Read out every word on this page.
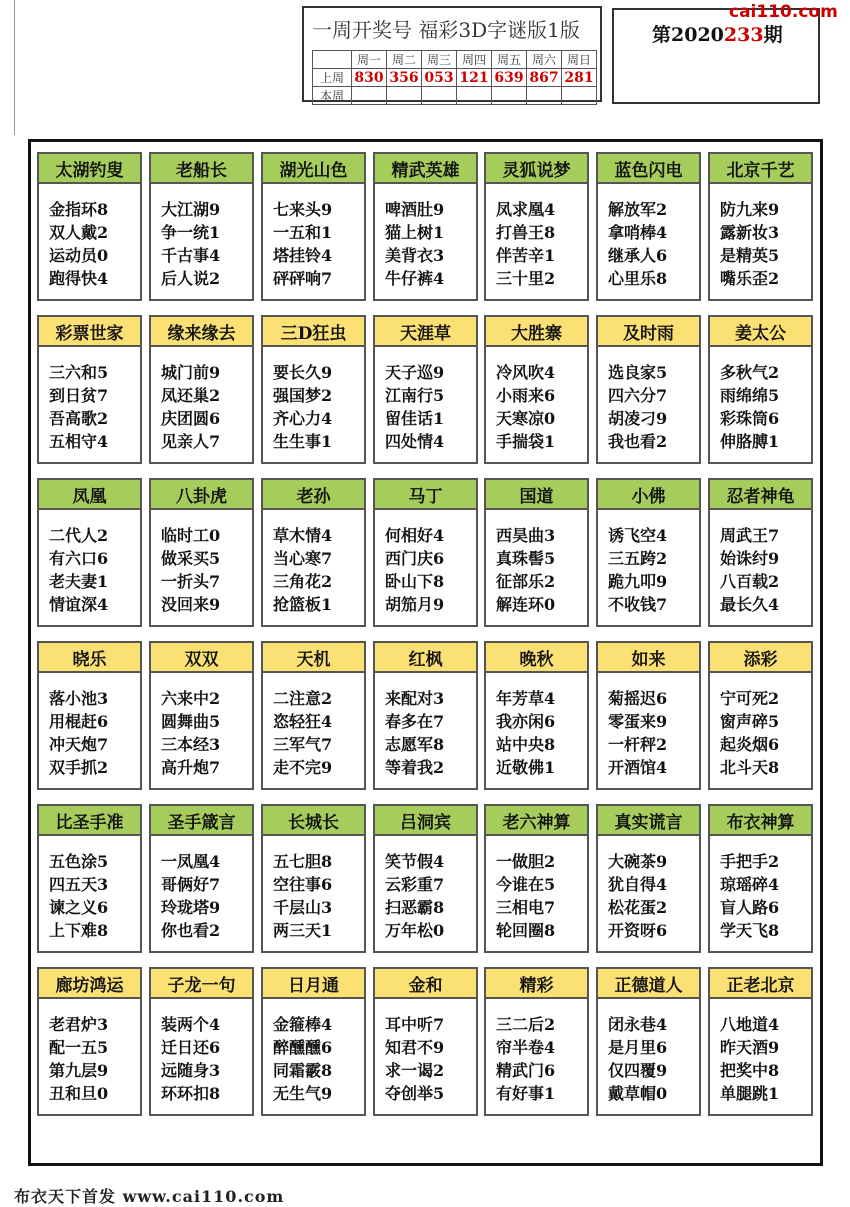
一周开奖号 福彩3D字谜版1版
	周一	周二	周三	周四	周五	周六	周日
上周	830	356	053	121	639	867	281
本周							
第2020233期
cai110.com
太湖钓叟
金指环8
双人戴2
运动员0
跑得快4
老船长
大江湖9
争一统1
千古事4
后人说2
湖光山色
七来头9
一五和1
塔挂铃4
砰砰响7
精武英雄
啤酒肚9
猫上树1
美背衣3
牛仔裤4
灵狐说梦
凤求凰4
打兽王8
伴苦辛1
三十里2
蓝色闪电
解放军2
拿哨棒4
继承人6
心里乐8
北京千艺
防九来9
露新妆3
是精英5
嘴乐歪2
彩票世家
三六和5
到日贫7
吾高歌2
五相守4
缘来缘去
城门前9
凤还巢2
庆团圆6
见亲人7
三D狂虫
要长久9
强国梦2
齐心力4
生生事1
天涯草
天子巡9
江南行5
留佳话1
四处情4
大胜寨
冷风吹4
小雨来6
天寒凉0
手揣袋1
及时雨
选良家5
四六分7
胡凌刁9
我也看2
姜太公
多秋气2
雨绵绵5
彩珠筒6
伸胳膊1
凤凰
二代人2
有六口6
老夫妻1
情谊深4
八卦虎
临时工0
做采买5
一折头7
没回来9
老孙
草木情4
当心寒7
三角花2
抢篮板1
马丁
何相好4
西门庆6
卧山下8
胡笳月9
国道
西昊曲3
真珠髻5
征部乐2
解连环0
小佛
诱飞空4
三五跨2
跪九叩9
不收钱7
忍者神龟
周武王7
始诛纣9
八百载2
最长久4
晓乐
落小池3
用棍赶6
冲天炮7
双手抓2
双双
六来中2
圆舞曲5
三本经3
高升炮7
天机
二注意2
恣轻狂4
三军气7
走不完9
红枫
来配对3
春多在7
志愿军8
等着我2
晚秋
年芳草4
我亦闲6
站中央8
近敬佛1
如来
菊摇迟6
零蛋来9
一杆秤2
开酒馆4
添彩
宁可死2
窗声碎5
起炎烟6
北斗天8
比圣手准
五色涂5
四五天3
谏之义6
上下难8
圣手箴言
一凤凰4
哥俩好7
玲珑塔9
你也看2
长城长
五七胆8
空往事6
千层山3
两三天1
吕洞宾
笑节假4
云彩重7
扫恶霸8
万年松0
老六神算
一做胆2
今谁在5
三相电7
轮回圈8
真实谎言
大碗茶9
犹自得4
松花蛋2
开资呀6
布衣神算
手把手2
琼瑶碎4
盲人路6
学天飞8
廊坊鸿运
老君炉3
配一五5
第九层9
丑和旦0
子龙一句
装两个4
迁日还6
远随身3
环环扣8
日月通
金箍棒4
醉醺醺6
同霜霰8
无生气9
金和
耳中听7
知君不9
求一谒2
夺创举5
精彩
三二后2
帘半卷4
精武门6
有好事1
正德道人
闭永巷4
是月里6
仅四覆9
戴草帽0
正老北京
八地道4
昨天酒9
把奖中8
单腿跳1
布衣天下首发 www.cai110.com
